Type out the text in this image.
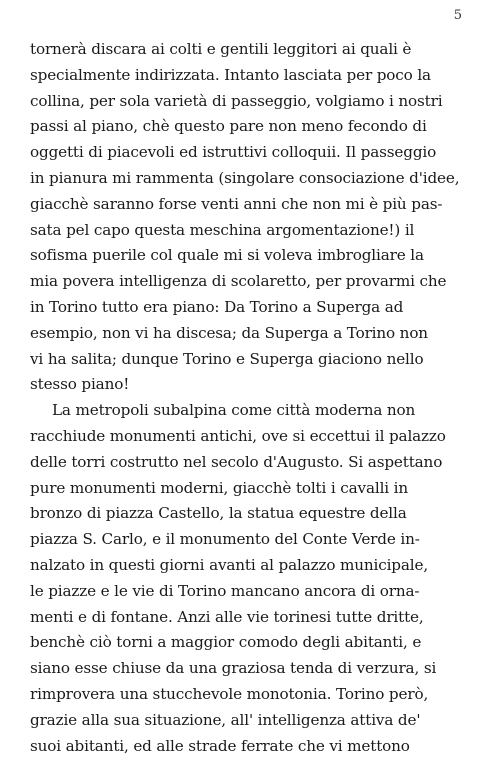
5
tornerà discara ai colti e gentili leggitori ai quali è
specialmente indirizzata. Intanto lasciata per poco la
collina, per sola varietà di passeggio, volgiamo i nostri
passi al piano, chè questo pare non meno fecondo di
oggetti di piacevoli ed istruttivi colloquii. Il passeggio
in pianura mi rammenta (singolare consociazione d'idee,
giacchè saranno forse venti anni che non mi è più pas-
sata pel capo questa meschina argomentazione!) il
sofisma puerile col quale mi si voleva imbrogliare la
mia povera intelligenza di scolaretto, per provarmi che
in Torino tutto era piano: Da Torino a Superga ad
esempio, non vi ha discesa; da Superga a Torino non
vi ha salita; dunque Torino e Superga giaciono nello
stesso piano!
La metropoli subalpina come città moderna non
racchiude monumenti antichi, ove si eccettui il palazzo
delle torri costrutto nel secolo d'Augusto. Si aspettano
pure monumenti moderni, giacchè tolti i cavalli in
bronzo di piazza Castello, la statua equestre della
piazza S. Carlo, e il monumento del Conte Verde in-
nalzato in questi giorni avanti al palazzo municipale,
le piazze e le vie di Torino mancano ancora di orna-
menti e di fontane. Anzi alle vie torinesi tutte dritte,
benchè ciò torni a maggior comodo degli abitanti, e
siano esse chiuse da una graziosa tenda di verzura, si
rimprovera una stucchevole monotonia. Torino però,
grazie alla sua situazione, all' intelligenza attiva de'
suoi abitanti, ed alle strade ferrate che vi mettono
